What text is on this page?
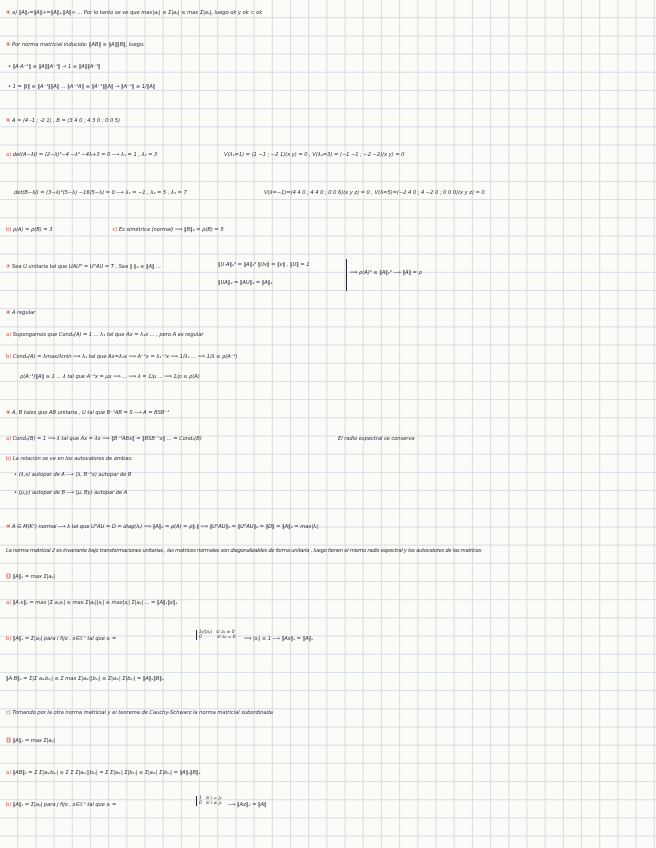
④ a) ‖A‖₁=‖A‖∞=‖A‖₁,‖A‖∞ ... Por lo tanto se ve que max|aᵢⱼ| ≤ Σ|aᵢⱼ| ≤ max Σ|aᵢⱼ|, luego ok y ok ⊂ ok
⑤ Por norma matricial inducida: ‖AB‖ ≤ ‖A‖‖B‖, luego:
• ‖A·A⁻¹‖ ≤ ‖A‖‖A⁻¹‖ → 1 ≤ ‖A‖‖A⁻¹‖
• 1 = ‖I‖ ≤ ‖A⁻¹‖‖A‖ ... ‖A⁻¹A‖ ≤ ‖A⁻¹‖‖A‖ → ‖A⁻¹‖ ≥ 1/‖A‖
⑥ A = (4 -1 ; -2 1) , B = (3 4 0 ; 4 3 0 ; 0 0 5)
a) det(A−λI) = (2−λ)²−4 −λ² −4λ+3 = 0 ⟶ λ₁ = 1 , λ₂ = 3	V(λ₁=1) = (1 −1 ; −2 1)(x y) = 0 , V(λ₂=3) = (−1 −1 ; −2 −2)(x y) = 0
det(B−λI) = (3−λ)²(5−λ) −16(5−λ) = 0 ⟶ λ₁ = −1 , λ₂ = 5 , λ₃ = 7	V(λ=−1)=(4 4 0 ; 4 4 0 ; 0 0 6)(x y z) = 0 , V(λ=5)=(−2 4 0 ; 4 −2 0 ; 0 0 0)(x y z) = 0
b) ρ(A) = ρ(B) = 3	c) Es simétrica (normal) ⟹ ‖B‖₂ = ρ(B) = 5
⑦ Sea U unitaria tal que UAUᴴ = UᴴAU = T , Sea ‖·‖₂ ≤ ‖A‖ ...	‖U·A‖₂² = ‖A‖₂² ‖Uv‖ = ‖v‖ , ‖U‖ = 1
‖UA‖₂ = ‖AU‖₂ = ‖A‖₂
⟹ ρ(A)² ≤ ‖A‖₂² ⟶ ‖A‖ = ρ
⑧ A regular
a) Supongamos que Cond₂(A) = 1 ... λ₁ tal que Ax = λ₁x ... , pero A es regular
b) Cond₂(A) = λmax/λmin ⟹ λ₁ tal que Ax=λ₁x ⟹ A⁻¹x = λ₁⁻¹x ⟹ 1/λ₁ ... ⟹ 1/λ ≤ ρ(A⁻¹)
ρ(A⁻¹)‖A‖ ≥ 1 ... λ tal que A⁻¹x = μx ⟹ ... ⟹ λ = 1/μ ... ⟹ 1/ρ ≤ ρ(A)
⑨ A, B tales que AB unitaria , U tal que B⁻¹AB = S ⟶ A = BSB⁻¹
a) Cond₂(B) = 1 ⟹ λ tal que Ax = λx ⟹ ‖B⁻¹ABx‖ = ‖BSB⁻¹x‖ ... = Cond₂(B)	El radio espectral se conserva
b) La relación se ve en los autovalores de ambas:
• (λ,x) autopar de A ⟶ (λ, B⁻¹x) autopar de B
• (μ,y) autopar de B ⟶ (μ, By) autopar de A
⑩ A ∈ M(Kⁿ) normal ⟶ λ tal que UᴴAU = D = diag(λᵢ) ⟹ ‖A‖₂ = ρ(A) = ρ‖·‖ ⟹ ‖UᴴAU‖₂ = ‖UᴴAU‖₂ = ‖D‖ = ‖A‖₂ = max|λᵢ|
La norma matricial 2 es invariante bajo transformaciones unitarias , las matrices normales son diagonalizables de forma unitaria , luego tienen el mismo radio espectral y los autovalores de las matrices
⑪ ‖A‖ₛ = max Σ|aᵢⱼ|
a) ‖A·x‖ₛ = max |Σ aᵢⱼxⱼ| ≤ max Σ|aᵢⱼ||xⱼ| ≤ max|xⱼ| Σ|aᵢⱼ| ... = ‖A‖ₛ‖x‖ₛ
b) ‖A‖ₛ = Σ|aᵢⱼ| para i fijo , x∈ℂⁿ tal que xⱼ =
āᵢⱼ/|aᵢⱼ|   si aᵢⱼ ≠ 0
0           si aᵢⱼ = 0 ⟹ |xⱼ| ≤ 1 ⟶ ‖Ax‖ₛ = ‖A‖ₛ
‖A·B‖ₛ = Σ|Σ aᵢₖbₖⱼ| ≤ Σ max Σ|aᵢₖ||bₖⱼ| ≤ Σ|aᵢₖ| Σ|bₖⱼ| = ‖A‖ₛ‖B‖ₛ
c) Tomando por la otra norma matricial y el teorema de Cauchy-Schwarz la norma matricial subordinada
⑫ ‖A‖ₛ = max Σ|aᵢⱼ|
a) ‖AB‖ₛ = Σ Σ|aᵢₖbₖⱼ| ≤ Σ Σ Σ|aᵢₖ||bₖⱼ| = Σ Σ|aᵢₖ| Σ|bₖⱼ| ≤ Σ|aᵢₖ| Σ|bₖⱼ| = ‖A‖ₛ‖B‖ₛ
b) ‖A‖ₛ = Σ|aᵢⱼ| para j fijo , x∈ℂⁿ tal que xᵢ =
1   si i = j₀
0   si i ≠ j₀ ⟶ ‖Ax‖ₛ = ‖A‖
